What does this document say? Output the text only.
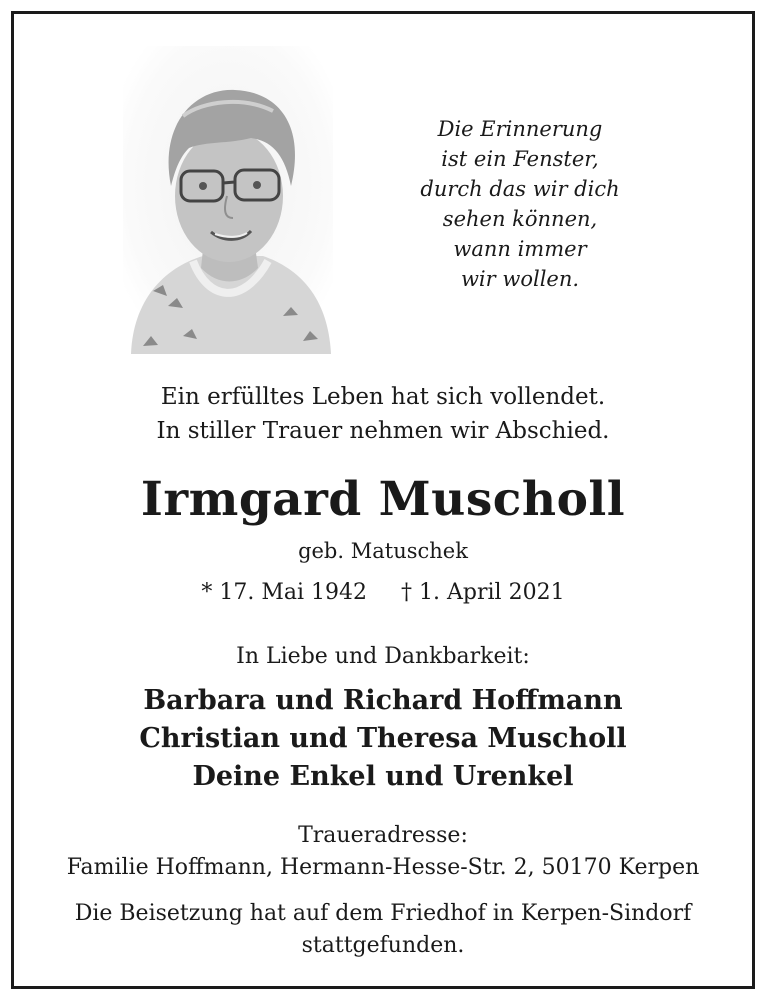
Die Erinnerung
ist ein Fenster,
durch das wir dich
sehen können,
wann immer
wir wollen.
Ein erfülltes Leben hat sich vollendet.
In stiller Trauer nehmen wir Abschied.
Irmgard Muscholl
geb. Matuschek
* 17. Mai 1942 † 1. April 2021
In Liebe und Dankbarkeit:
Barbara und Richard Hoffmann
Christian und Theresa Muscholl
Deine Enkel und Urenkel
Traueradresse:
Familie Hoffmann, Hermann-Hesse-Str. 2, 50170 Kerpen
Die Beisetzung hat auf dem Friedhof in Kerpen-Sindorf
stattgefunden.
